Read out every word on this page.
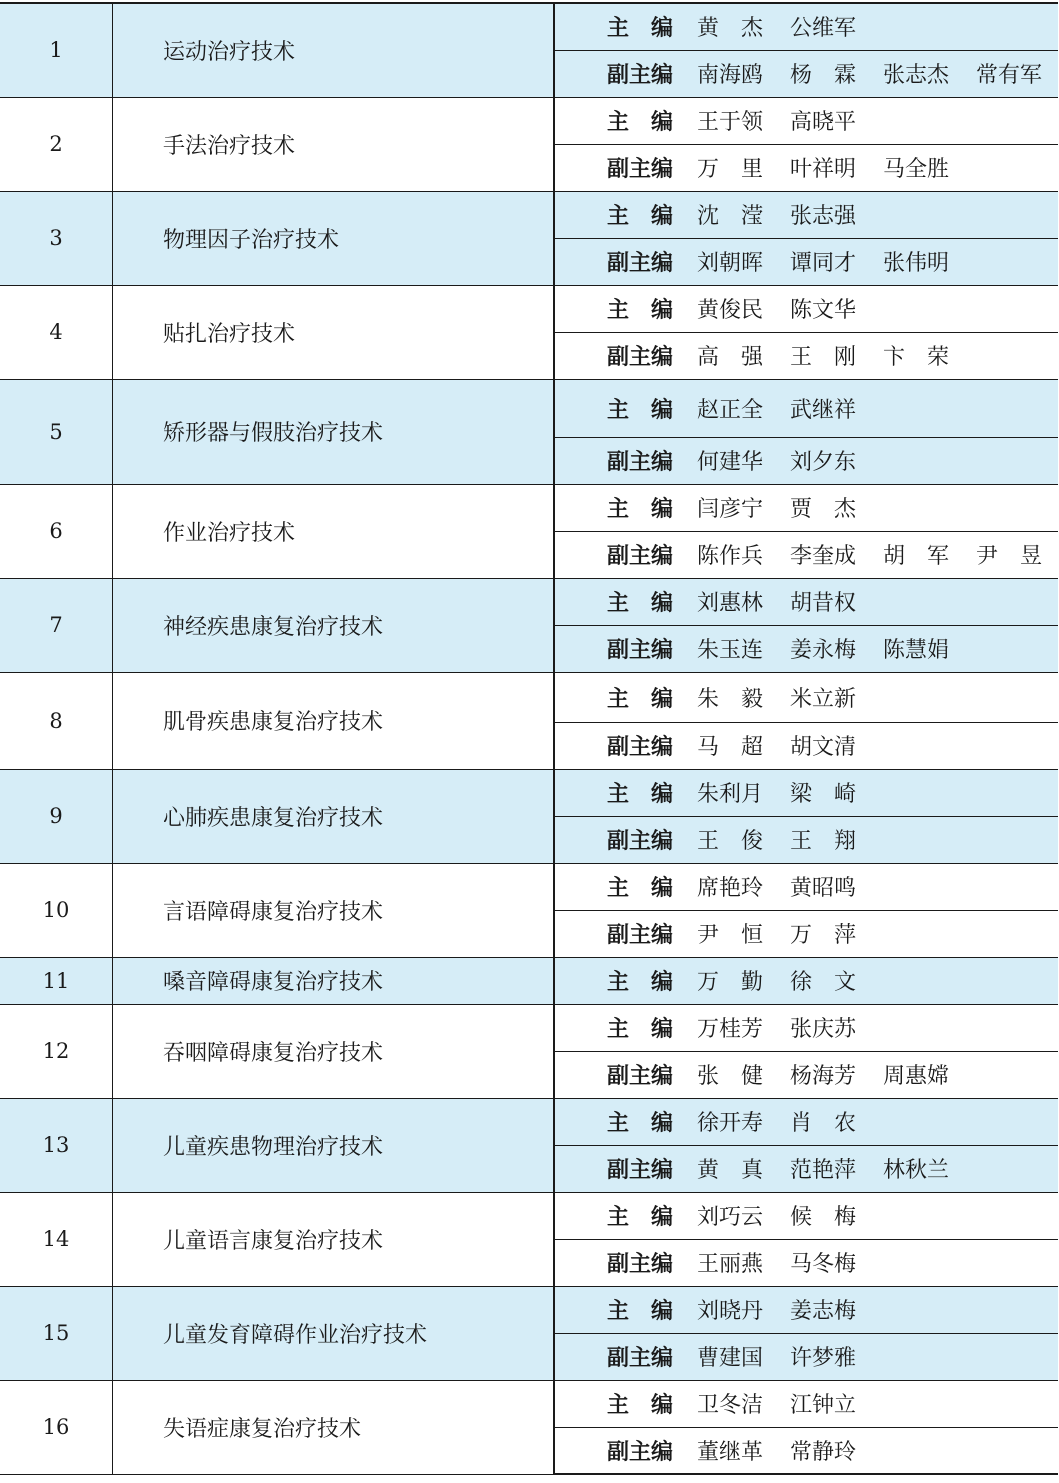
1	运动治疗技术	主　编	黄　杰 公维军
		副主编	南海鸥 杨　霖 张志杰 常有军
2	手法治疗技术	主　编	王于领 高晓平
		副主编	万　里 叶祥明 马全胜
3	物理因子治疗技术	主　编	沈　滢 张志强
		副主编	刘朝晖 谭同才 张伟明
4	贴扎治疗技术	主　编	黄俊民 陈文华
		副主编	高　强 王　刚 卞　荣
5	矫形器与假肢治疗技术	主　编	赵正全 武继祥
		副主编	何建华 刘夕东
6	作业治疗技术	主　编	闫彦宁 贾　杰
		副主编	陈作兵 李奎成 胡　军 尹　昱
7	神经疾患康复治疗技术	主　编	刘惠林 胡昔权
		副主编	朱玉连 姜永梅 陈慧娟
8	肌骨疾患康复治疗技术	主　编	朱　毅 米立新
		副主编	马　超 胡文清
9	心肺疾患康复治疗技术	主　编	朱利月 梁　崎
		副主编	王　俊 王　翔
10	言语障碍康复治疗技术	主　编	席艳玲 黄昭鸣
		副主编	尹　恒 万　萍
11	嗓音障碍康复治疗技术	主　编	万　勤 徐　文
12	吞咽障碍康复治疗技术	主　编	万桂芳 张庆苏
		副主编	张　健 杨海芳 周惠嫦
13	儿童疾患物理治疗技术	主　编	徐开寿 肖　农
		副主编	黄　真 范艳萍 林秋兰
14	儿童语言康复治疗技术	主　编	刘巧云 候　梅
		副主编	王丽燕 马冬梅
15	儿童发育障碍作业治疗技术	主　编	刘晓丹 姜志梅
		副主编	曹建国 许梦雅
16	失语症康复治疗技术	主　编	卫冬洁 江钟立
		副主编	董继革 常静玲
